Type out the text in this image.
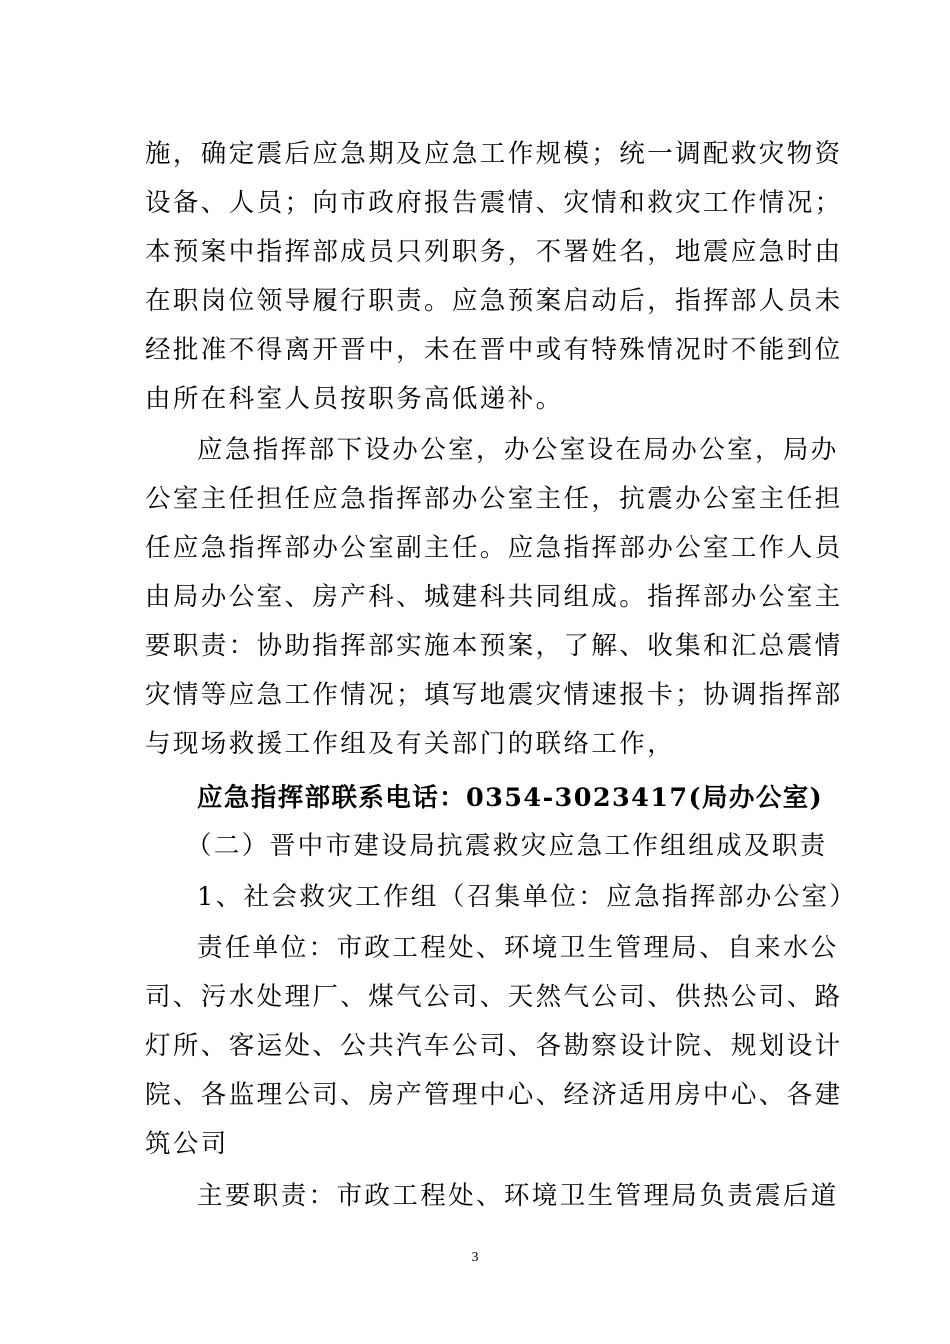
施，确定震后应急期及应急工作规模；统一调配救灾物资
设备、人员；向市政府报告震情、灾情和救灾工作情况；
本预案中指挥部成员只列职务，不署姓名，地震应急时由
在职岗位领导履行职责。应急预案启动后，指挥部人员未
经批准不得离开晋中，未在晋中或有特殊情况时不能到位
由所在科室人员按职务高低递补。
应急指挥部下设办公室，办公室设在局办公室，局办
公室主任担任应急指挥部办公室主任，抗震办公室主任担
任应急指挥部办公室副主任。应急指挥部办公室工作人员
由局办公室、房产科、城建科共同组成。指挥部办公室主
要职责：协助指挥部实施本预案，了解、收集和汇总震情
灾情等应急工作情况；填写地震灾情速报卡；协调指挥部
与现场救援工作组及有关部门的联络工作，
应急指挥部联系电话：0354-3023417(局办公室)
（二）晋中市建设局抗震救灾应急工作组组成及职责
1、社会救灾工作组（召集单位：应急指挥部办公室）
责任单位：市政工程处、环境卫生管理局、自来水公
司、污水处理厂、煤气公司、天然气公司、供热公司、路
灯所、客运处、公共汽车公司、各勘察设计院、规划设计
院、各监理公司、房产管理中心、经济适用房中心、各建
筑公司
主要职责：市政工程处、环境卫生管理局负责震后道
3
